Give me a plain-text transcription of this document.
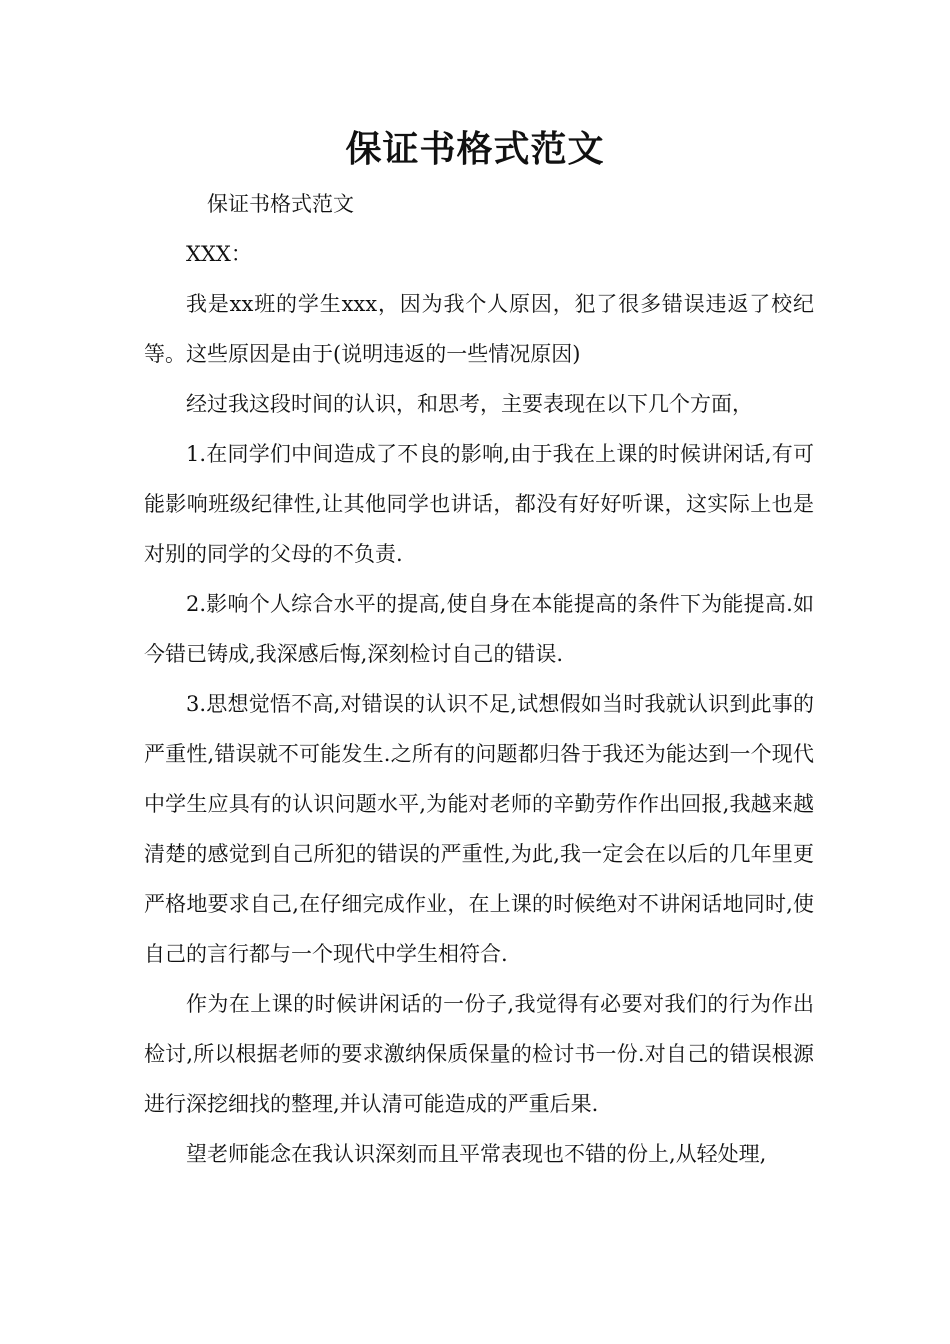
保证书格式范文

保证书格式范文

XXX：

我是xx班的学生xxx，因为我个人原因，犯了很多错误违返了校纪等。这些原因是由于(说明违返的一些情况原因)

经过我这段时间的认识，和思考，主要表现在以下几个方面，

1.在同学们中间造成了不良的影响,由于我在上课的时候讲闲话,有可能影响班级纪律性,让其他同学也讲话，都没有好好听课，这实际上也是对别的同学的父母的不负责.

2.影响个人综合水平的提高,使自身在本能提高的条件下为能提高.如今错已铸成,我深感后悔,深刻检讨自己的错误.

3.思想觉悟不高,对错误的认识不足,试想假如当时我就认识到此事的严重性,错误就不可能发生.之所有的问题都归咎于我还为能达到一个现代中学生应具有的认识问题水平,为能对老师的辛勤劳作作出回报,我越来越清楚的感觉到自己所犯的错误的严重性,为此,我一定会在以后的几年里更严格地要求自己,在仔细完成作业，在上课的时候绝对不讲闲话地同时,使自己的言行都与一个现代中学生相符合.

作为在上课的时候讲闲话的一份子,我觉得有必要对我们的行为作出检讨,所以根据老师的要求激纳保质保量的检讨书一份.对自己的错误根源进行深挖细找的整理,并认清可能造成的严重后果.

望老师能念在我认识深刻而且平常表现也不错的份上,从轻处理,
